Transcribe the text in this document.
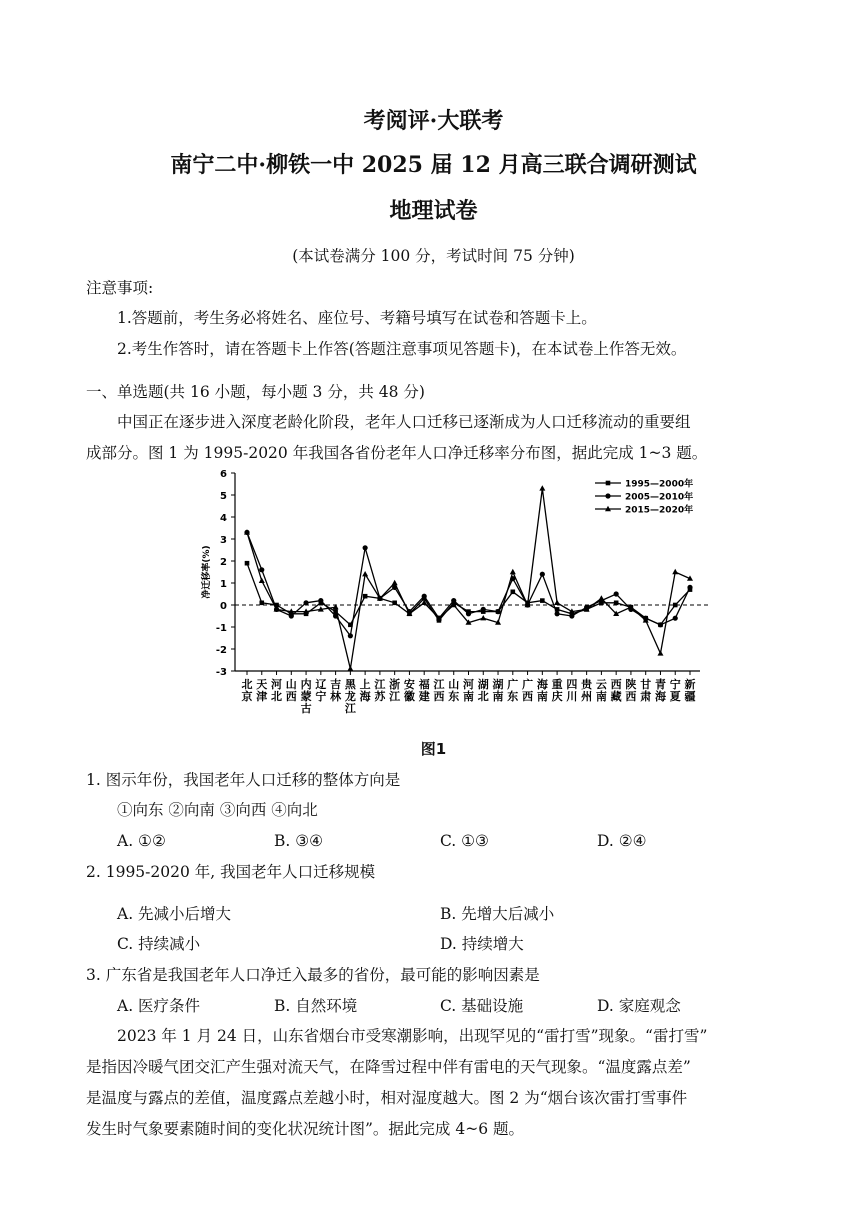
考阅评·大联考
南宁二中·柳铁一中 2025 届 12 月高三联合调研测试
地理试卷
(本试卷满分 100 分，考试时间 75 分钟)
注意事项:
1.答题前，考生务必将姓名、座位号、考籍号填写在试卷和答题卡上。
2.考生作答时，请在答题卡上作答(答题注意事项见答题卡)，在本试卷上作答无效。
一、单选题(共 16 小题，每小题 3 分，共 48 分)
中国正在逐步进入深度老龄化阶段，老年人口迁移已逐渐成为人口迁移流动的重要组
成部分。图 1 为 1995-2020 年我国各省份老年人口净迁移率分布图，据此完成 1~3 题。
-3
-2
-1
0
1
2
3
4
5
6
净迁移率(%)
北
京
天
津
河
北
山
西
内
蒙
古
辽
宁
吉
林
黑
龙
江
上
海
江
苏
浙
江
安
徽
福
建
江
西
山
东
河
南
湖
北
湖
南
广
东
广
西
海
南
重
庆
四
川
贵
州
云
南
西
藏
陕
西
甘
肃
青
海
宁
夏
新
疆
1995—2000年
2005—2010年
2015—2020年
图1
1. 图示年份，我国老年人口迁移的整体方向是
①向东 ②向南 ③向西 ④向北
A. ①②	B. ③④	C. ①③	D. ②④
2. 1995-2020 年, 我国老年人口迁移规模
A. 先减小后增大	B. 先增大后减小
C. 持续减小	D. 持续增大
3. 广东省是我国老年人口净迁入最多的省份，最可能的影响因素是
A. 医疗条件	B. 自然环境	C. 基础设施	D. 家庭观念
2023 年 1 月 24 日，山东省烟台市受寒潮影响，出现罕见的“雷打雪”现象。“雷打雪”
是指因冷暖气团交汇产生强对流天气，在降雪过程中伴有雷电的天气现象。“温度露点差”
是温度与露点的差值，温度露点差越小时，相对湿度越大。图 2 为“烟台该次雷打雪事件
发生时气象要素随时间的变化状况统计图”。据此完成 4~6 题。
